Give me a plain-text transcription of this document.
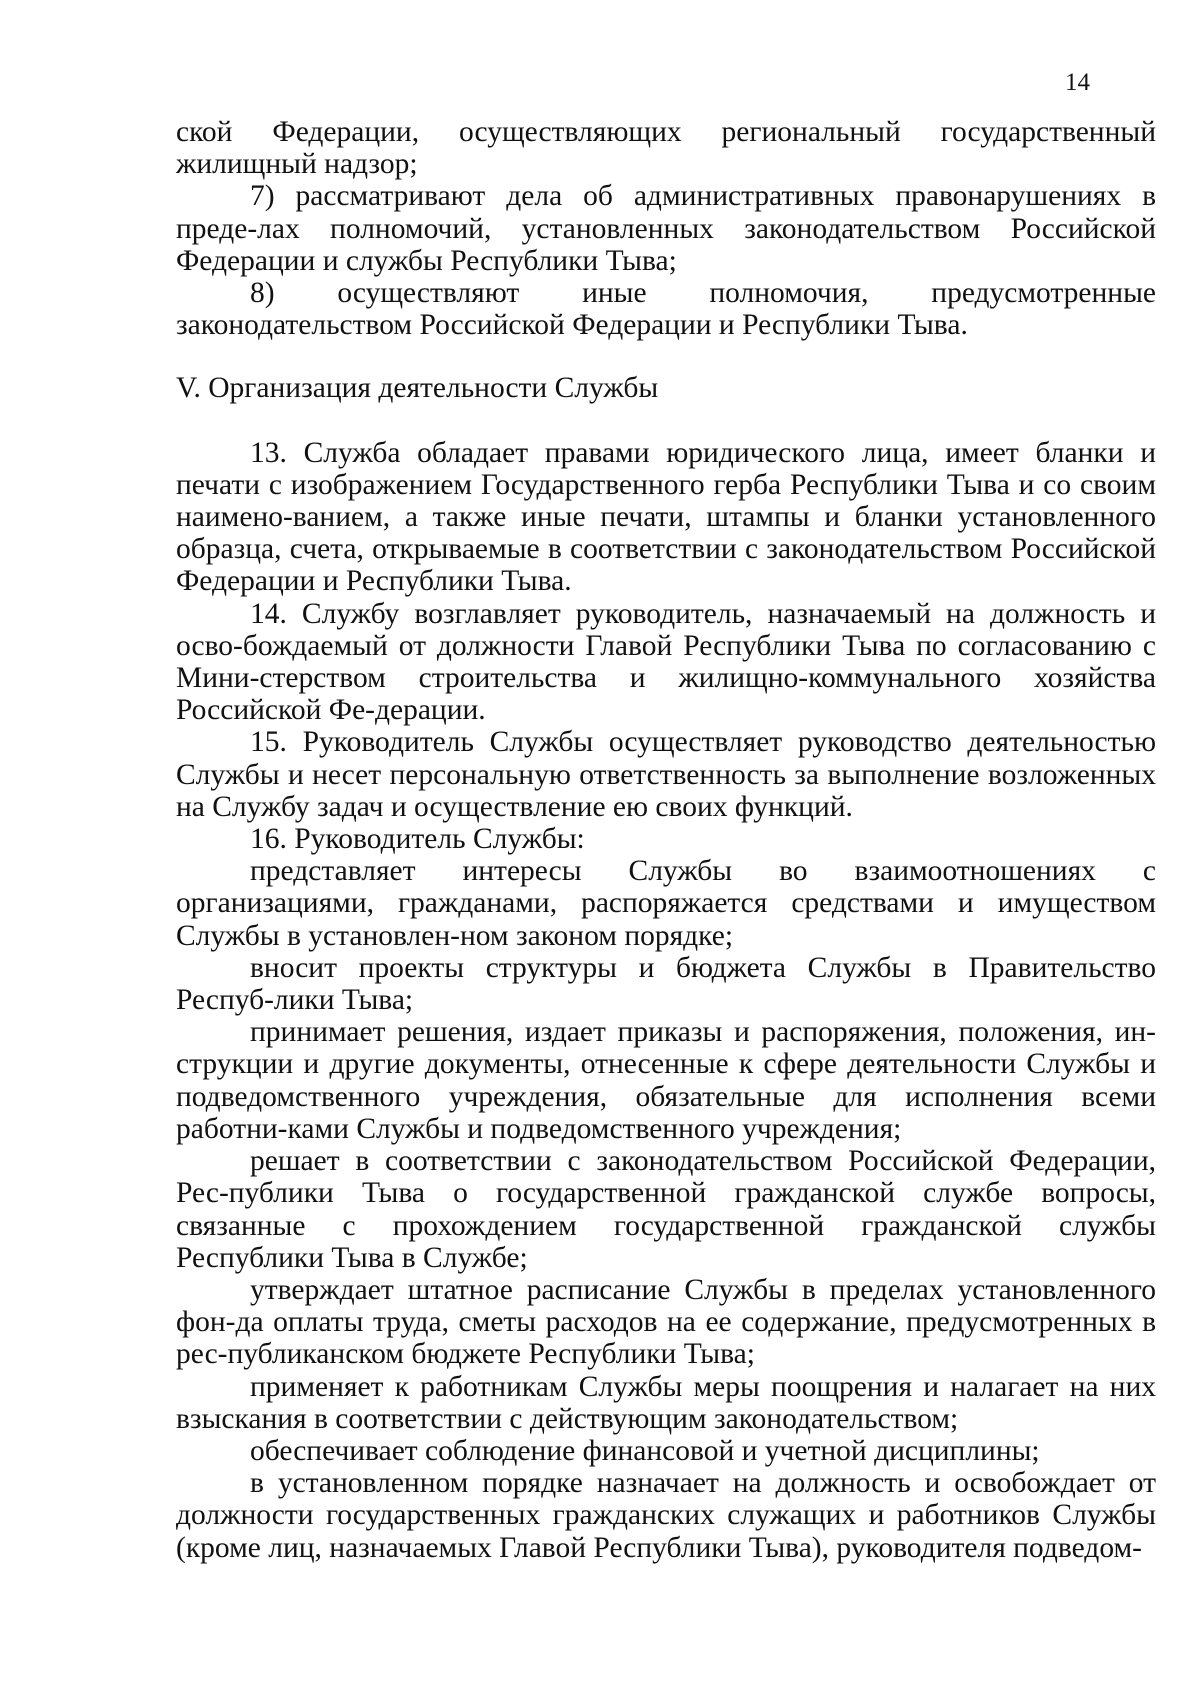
14

ской Федерации, осуществляющих региональный государственный жилищный надзор;

7) рассматривают дела об административных правонарушениях в преде-лах полномочий, установленных законодательством Российской Федерации и службы Республики Тыва;

8) осуществляют иные полномочия, предусмотренные законодательством Российской Федерации и Республики Тыва.

V. Организация деятельности Службы

13. Служба обладает правами юридического лица, имеет бланки и печати с изображением Государственного герба Республики Тыва и со своим наимено-ванием, а также иные печати, штампы и бланки установленного образца, счета, открываемые в соответствии с законодательством Российской Федерации и Республики Тыва.

14. Службу возглавляет руководитель, назначаемый на должность и осво-бождаемый от должности Главой Республики Тыва по согласованию с Мини-стерством строительства и жилищно-коммунального хозяйства Российской Фе-дерации.

15. Руководитель Службы осуществляет руководство деятельностью Службы и несет персональную ответственность за выполнение возложенных на Службу задач и осуществление ею своих функций.

16. Руководитель Службы:

представляет интересы Службы во взаимоотношениях с организациями, гражданами, распоряжается средствами и имуществом Службы в установлен-ном законом порядке;

вносит проекты структуры и бюджета Службы в Правительство Респуб-лики Тыва;

принимает решения, издает приказы и распоряжения, положения, ин-струкции и другие документы, отнесенные к сфере деятельности Службы и подведомственного учреждения, обязательные для исполнения всеми работни-ками Службы и подведомственного учреждения;

решает в соответствии с законодательством Российской Федерации, Рес-публики Тыва о государственной гражданской службе вопросы, связанные с прохождением государственной гражданской службы Республики Тыва в Службе;

утверждает штатное расписание Службы в пределах установленного фон-да оплаты труда, сметы расходов на ее содержание, предусмотренных в рес-публиканском бюджете Республики Тыва;

применяет к работникам Службы меры поощрения и налагает на них взыскания в соответствии с действующим законодательством;

обеспечивает соблюдение финансовой и учетной дисциплины;

в установленном порядке назначает на должность и освобождает от должности государственных гражданских служащих и работников Службы (кроме лиц, назначаемых Главой Республики Тыва), руководителя подведом-
